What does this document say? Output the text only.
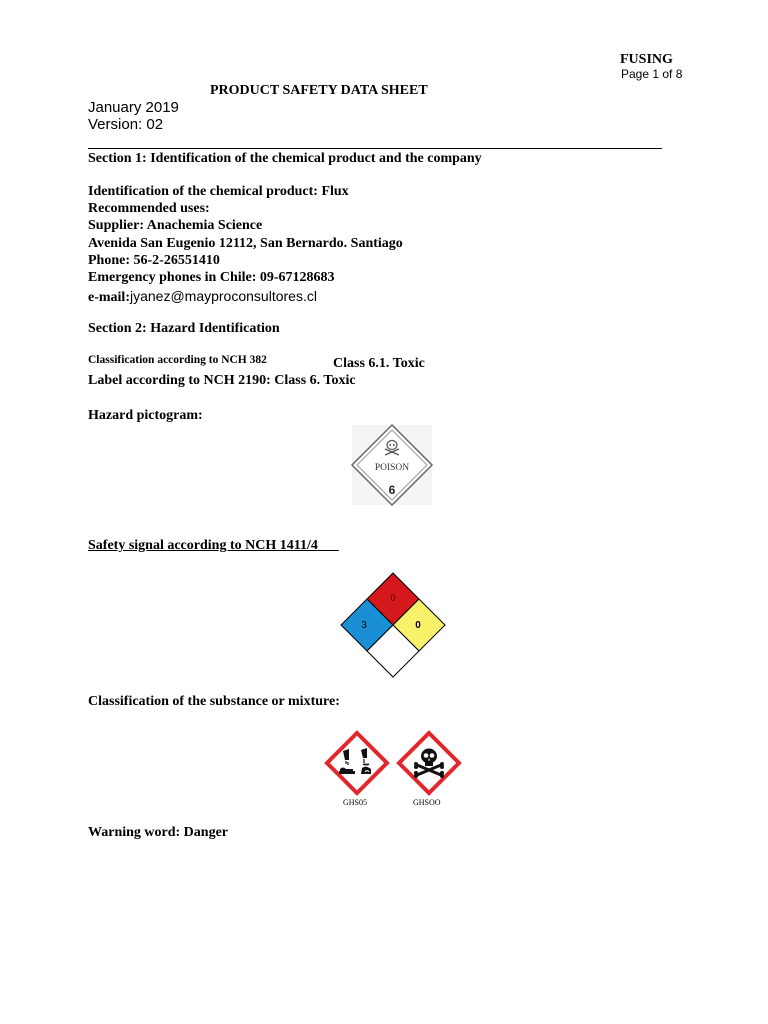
FUSING
Page 1 of 8
PRODUCT SAFETY DATA SHEET
January 2019
Version: 02
Section 1: Identification of the chemical product and the company
Identification of the chemical product: Flux
Recommended uses:
Supplier: Anachemia Science
Avenida San Eugenio 12112, San Bernardo. Santiago
Phone: 56-2-26551410
Emergency phones in Chile: 09-67128683
e-mail:jyanez@mayproconsultores.cl
Section 2: Hazard Identification
Classification according to NCH 382	Class 6.1. Toxic
Label according to NCH 2190: Class 6. Toxic
Hazard pictogram:
POISON
6
Safety signal according to NCH 1411/4
0
3	0
Classification of the substance or mixture:
GHS05	GHSOO
Warning word: Danger
